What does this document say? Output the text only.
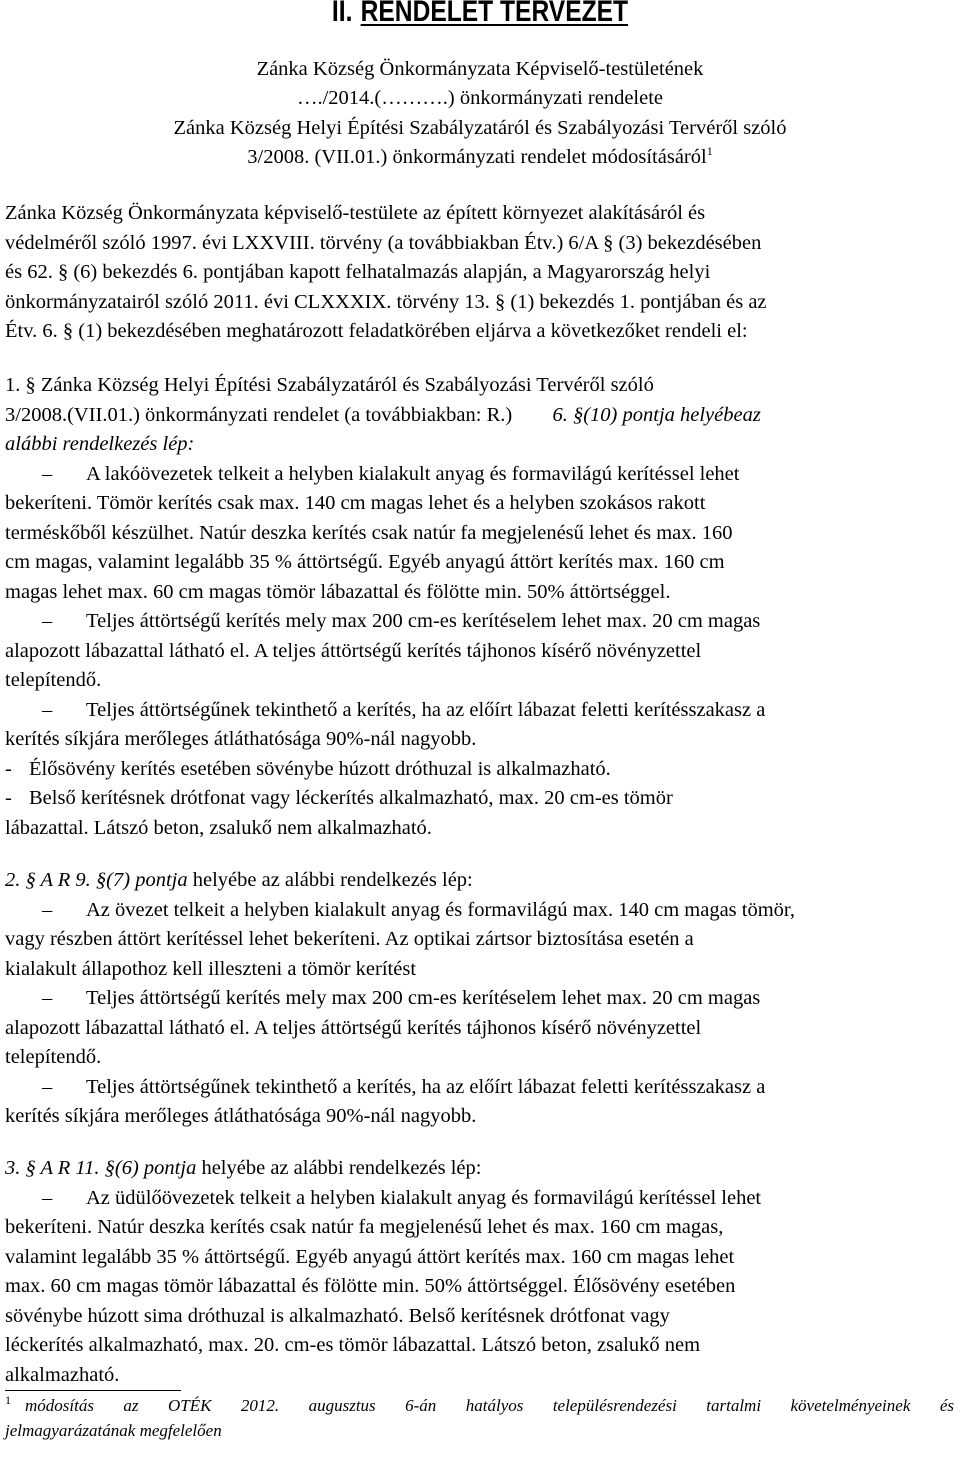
II. RENDELET TERVEZET
Zánka Község Önkormányzata Képviselő-testületének
…./2014.(……….) önkormányzati rendelete
Zánka Község Helyi Építési Szabályzatáról és Szabályozási Tervéről szóló
3/2008. (VII.01.) önkormányzati rendelet módosításáról$^1$

Zánka Község Önkormányzata képviselő-testülete az épített környezet alakításáról és

védelméről szóló 1997. évi LXXVIII. törvény (a továbbiakban Étv.) 6/A § (3) bekezdésében

és 62. § (6) bekezdés 6. pontjában kapott felhatalmazás alapján, a Magyarország helyi

önkormányzatairól szóló 2011. évi CLXXXIX. törvény 13. § (1) bekezdés 1. pontjában és az

Étv. 6. § (1) bekezdésében meghatározott feladatkörében eljárva a következőket rendeli el:

1. § Zánka Község Helyi Építési Szabályzatáról és Szabályozási Tervéről szóló

3/2008.(VII.01.) önkormányzati rendelet (a továbbiakban: R.) 6. §(10) pontja helyébeaz

alábbi rendelkezés lép:

– A lakóövezetek telkeit a helyben kialakult anyag és formavilágú kerítéssel lehet

bekeríteni. Tömör kerítés csak max. 140 cm magas lehet és a helyben szokásos rakott

terméskőből készülhet. Natúr deszka kerítés csak natúr fa megjelenésű lehet és max. 160

cm magas, valamint legalább 35 % áttörtségű. Egyéb anyagú áttört kerítés max. 160 cm

magas lehet max. 60 cm magas tömör lábazattal és fölötte min. 50% áttörtséggel.

– Teljes áttörtségű kerítés mely max 200 cm-es kerítéselem lehet max. 20 cm magas

alapozott lábazattal látható el. A teljes áttörtségű kerítés tájhonos kísérő növényzettel

telepítendő.

– Teljes áttörtségűnek tekinthető a kerítés, ha az előírt lábazat feletti kerítésszakasz a

kerítés síkjára merőleges átláthatósága 90%-nál nagyobb.

- Élősövény kerítés esetében sövénybe húzott dróthuzal is alkalmazható.

- Belső kerítésnek drótfonat vagy léckerítés alkalmazható, max. 20 cm-es tömör

lábazattal. Látszó beton, zsalukő nem alkalmazható.

2. § A R 9. §(7) pontja helyébe az alábbi rendelkezés lép:

– Az övezet telkeit a helyben kialakult anyag és formavilágú max. 140 cm magas tömör,

vagy részben áttört kerítéssel lehet bekeríteni. Az optikai zártsor biztosítása esetén a

kialakult állapothoz kell illeszteni a tömör kerítést

– Teljes áttörtségű kerítés mely max 200 cm-es kerítéselem lehet max. 20 cm magas

alapozott lábazattal látható el. A teljes áttörtségű kerítés tájhonos kísérő növényzettel

telepítendő.

– Teljes áttörtségűnek tekinthető a kerítés, ha az előírt lábazat feletti kerítésszakasz a

kerítés síkjára merőleges átláthatósága 90%-nál nagyobb.

3. § A R 11. §(6) pontja helyébe az alábbi rendelkezés lép:

– Az üdülőövezetek telkeit a helyben kialakult anyag és formavilágú kerítéssel lehet

bekeríteni. Natúr deszka kerítés csak natúr fa megjelenésű lehet és max. 160 cm magas,

valamint legalább 35 % áttörtségű. Egyéb anyagú áttört kerítés max. 160 cm magas lehet

max. 60 cm magas tömör lábazattal és fölötte min. 50% áttörtséggel. Élősövény esetében

sövénybe húzott sima dróthuzal is alkalmazható. Belső kerítésnek drótfonat vagy

léckerítés alkalmazható, max. 20. cm-es tömör lábazattal. Látszó beton, zsalukő nem

alkalmazható.

$^1$ módosítás az OTÉK 2012. augusztus 6-án hatályos településrendezési tartalmi követelményeinek és
jelmagyarázatának megfelelően
